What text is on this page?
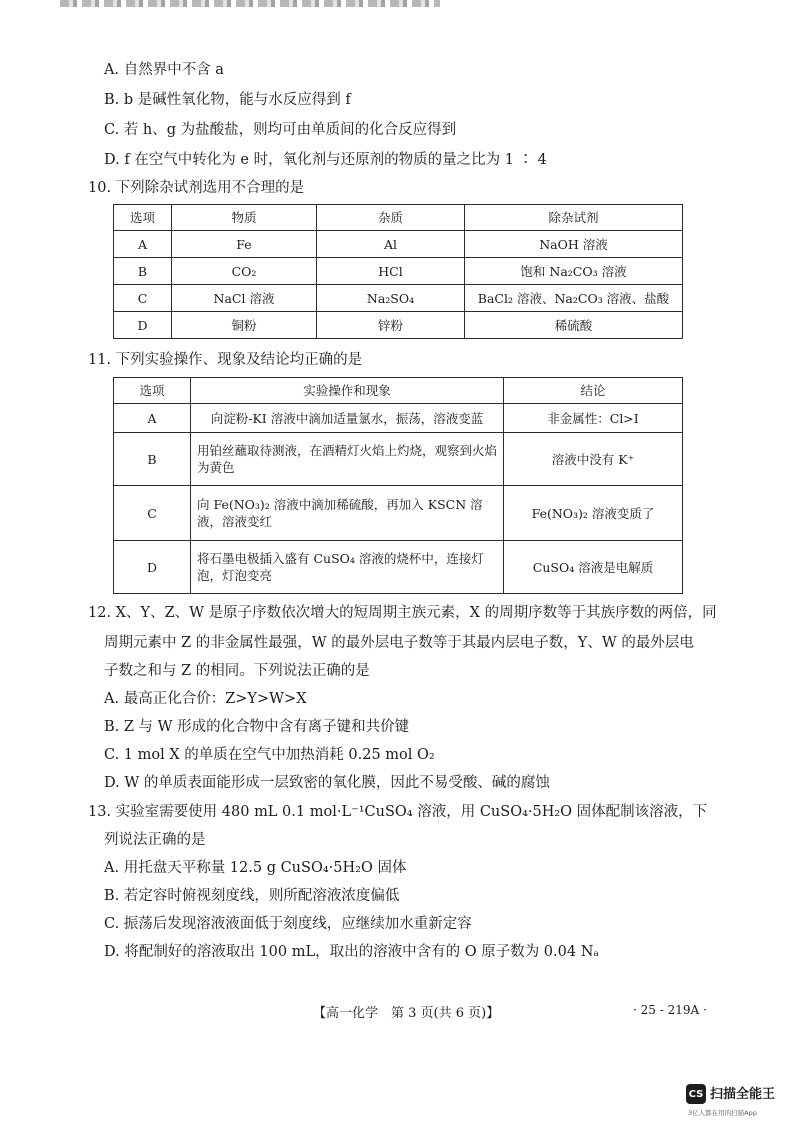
A. 自然界中不含 a
B. b 是碱性氧化物，能与水反应得到 f
C. 若 h、g 为盐酸盐，则均可由单质间的化合反应得到
D. f 在空气中转化为 e 时，氧化剂与还原剂的物质的量之比为 1 ∶ 4
10. 下列除杂试剂选用不合理的是
选项	物质	杂质	除杂试剂
A	Fe	Al	NaOH 溶液
B	CO₂	HCl	饱和 Na₂CO₃ 溶液
C	NaCl 溶液	Na₂SO₄	BaCl₂ 溶液、Na₂CO₃ 溶液、盐酸
D	铜粉	锌粉	稀硫酸
11. 下列实验操作、现象及结论均正确的是
选项	实验操作和现象	结论
A	向淀粉-KI 溶液中滴加适量氯水，振荡，溶液变蓝	非金属性：Cl>I
B	用铂丝蘸取待测液，在酒精灯火焰上灼烧，观察到火焰为黄色	溶液中没有 K⁺
C	向 Fe(NO₃)₂ 溶液中滴加稀硫酸，再加入 KSCN 溶液，溶液变红	Fe(NO₃)₂ 溶液变质了
D	将石墨电极插入盛有 CuSO₄ 溶液的烧杯中，连接灯泡，灯泡变亮	CuSO₄ 溶液是电解质
12. X、Y、Z、W 是原子序数依次增大的短周期主族元素，X 的周期序数等于其族序数的两倍，同
周期元素中 Z 的非金属性最强，W 的最外层电子数等于其最内层电子数，Y、W 的最外层电
子数之和与 Z 的相同。下列说法正确的是
A. 最高正化合价：Z>Y>W>X
B. Z 与 W 形成的化合物中含有离子键和共价键
C. 1 mol X 的单质在空气中加热消耗 0.25 mol O₂
D. W 的单质表面能形成一层致密的氧化膜，因此不易受酸、碱的腐蚀
13. 实验室需要使用 480 mL 0.1 mol·L⁻¹CuSO₄ 溶液，用 CuSO₄·5H₂O 固体配制该溶液，下
列说法正确的是
A. 用托盘天平称量 12.5 g CuSO₄·5H₂O 固体
B. 若定容时俯视刻度线，则所配溶液浓度偏低
C. 振荡后发现溶液液面低于刻度线，应继续加水重新定容
D. 将配制好的溶液取出 100 mL，取出的溶液中含有的 O 原子数为 0.04 Nₐ
【高一化学　第 3 页(共 6 页)】	· 25 - 219A ·
CS 扫描全能王
3亿人都在用的扫描App
